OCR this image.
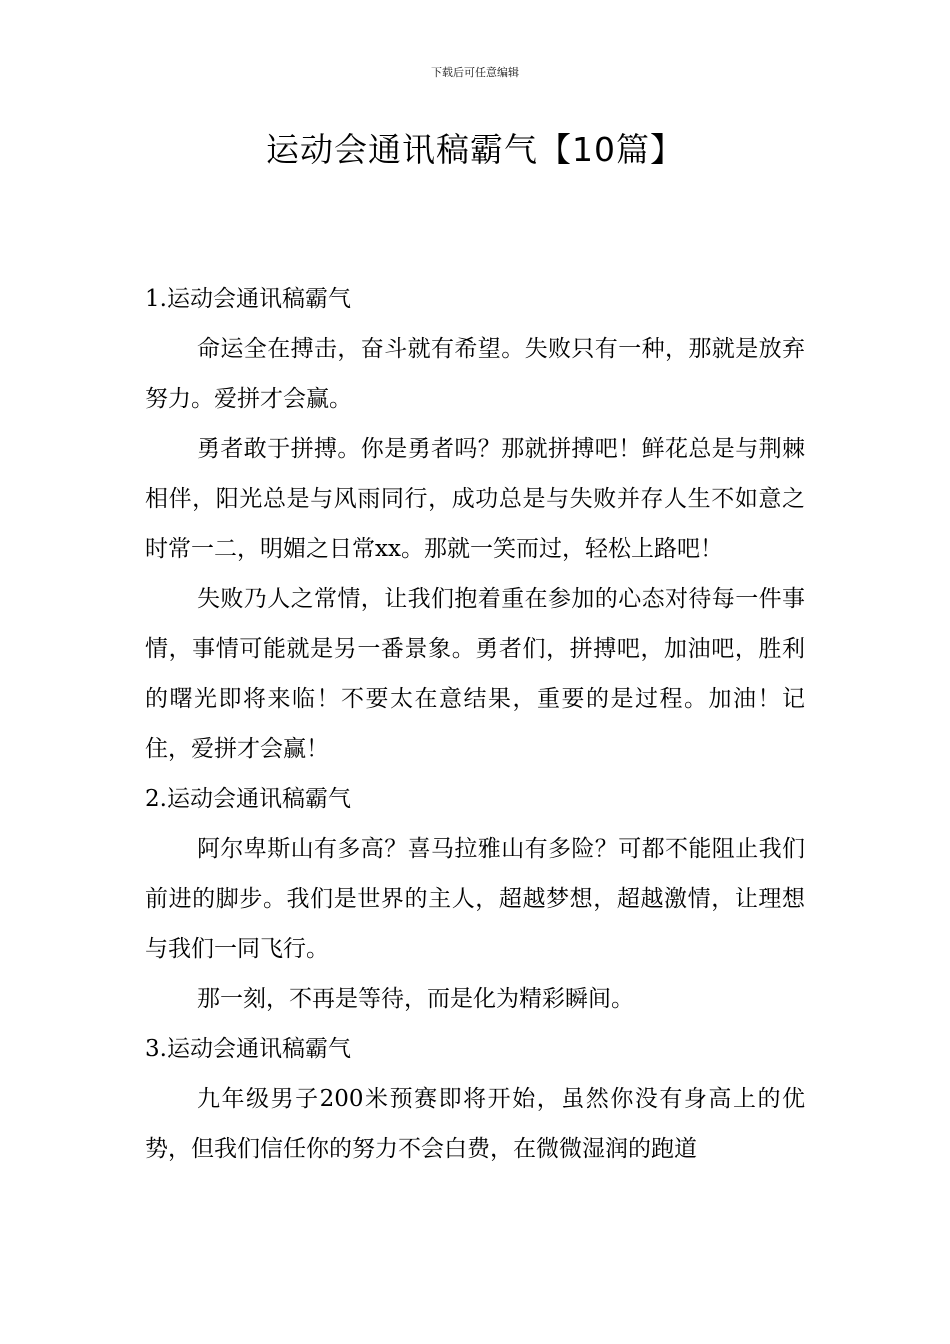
下载后可任意编辑
运动会通讯稿霸气【10篇】

1.运动会通讯稿霸气

命运全在搏击，奋斗就有希望。失败只有一种，那就是放弃努力。爱拼才会赢。

勇者敢于拼搏。你是勇者吗？那就拼搏吧！鲜花总是与荆棘相伴，阳光总是与风雨同行，成功总是与失败并存人生不如意之时常一二，明媚之日常xx。那就一笑而过，轻松上路吧！

失败乃人之常情，让我们抱着重在参加的心态对待每一件事情，事情可能就是另一番景象。勇者们，拼搏吧，加油吧，胜利的曙光即将来临！不要太在意结果，重要的是过程。加油！记住，爱拼才会赢！

2.运动会通讯稿霸气

阿尔卑斯山有多高？喜马拉雅山有多险？可都不能阻止我们前进的脚步。我们是世界的主人，超越梦想，超越激情，让理想与我们一同飞行。

那一刻，不再是等待，而是化为精彩瞬间。

3.运动会通讯稿霸气

九年级男子200米预赛即将开始，虽然你没有身高上的优势，但我们信任你的努力不会白费，在微微湿润的跑道
